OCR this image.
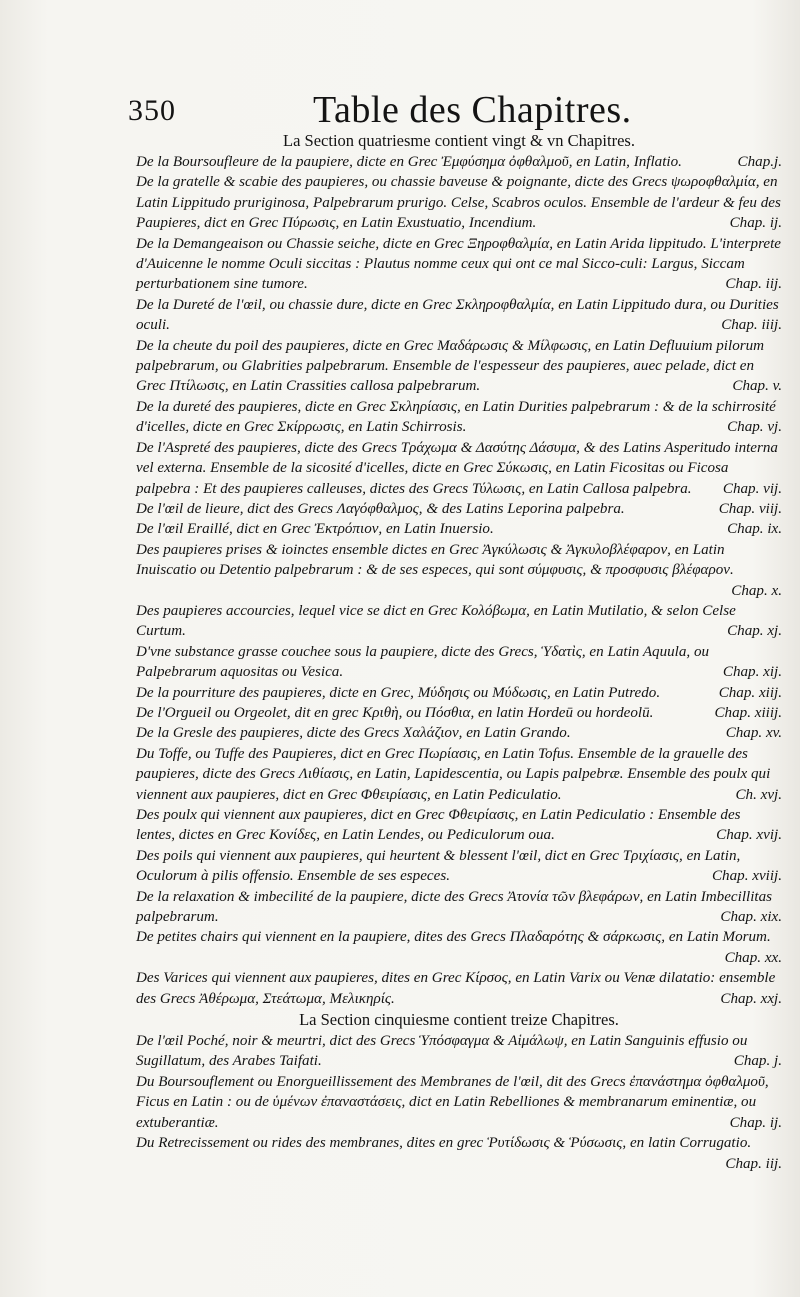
350	Table des Chapitres.

La Section quatriesme contient vingt & vn Chapitres.

De la Boursoufleure de la paupiere, dicte en Grec Ἐμφύσημα ὀφθαλμοῦ, en Latin, Inflatio.	Chap.j.

De la gratelle & scabie des paupieres, ou chassie baveuse & poignante, dicte des Grecs ψωροφθαλμία, en Latin Lippitudo pruriginosa, Palpebrarum prurigo. Celse, Scabros oculos. Ensemble de l'ardeur & feu des Paupieres, dict en Grec Πύρωσις, en Latin Exustuatio, Incendium.	Chap. ij.

De la Demangeaison ou Chassie seiche, dicte en Grec Ξηροφθαλμία, en Latin Arida lippitudo. L'interprete d'Auicenne le nomme Oculi siccitas : Plautus nomme ceux qui ont ce mal Sicco-culi: Largus, Siccam perturbationem sine tumore.	Chap. iij.

De la Dureté de l'œil, ou chassie dure, dicte en Grec Σκληροφθαλμία, en Latin Lippitudo dura, ou Durities oculi.	Chap. iiij.

De la cheute du poil des paupieres, dicte en Grec Μαδάρωσις & Μίλφωσις, en Latin Defluuium pilorum palpebrarum, ou Glabrities palpebrarum. Ensemble de l'espesseur des paupieres, auec pelade, dict en Grec Πτίλωσις, en Latin Crassities callosa palpebrarum.	Chap. v.

De la dureté des paupieres, dicte en Grec Σκληρίασις, en Latin Durities palpebrarum : & de la schirrosité d'icelles, dicte en Grec Σκίρρωσις, en Latin Schirrosis.	Chap. vj.

De l'Aspreté des paupieres, dicte des Grecs Τράχωμα & Δασύτης Δάσυμα, & des Latins Asperitudo interna vel externa. Ensemble de la sicosité d'icelles, dicte en Grec Σύκωσις, en Latin Ficositas ou Ficosa palpebra : Et des paupieres calleuses, dictes des Grecs Τύλωσις, en Latin Callosa palpebra.	Chap. vij.

De l'œil de lieure, dict des Grecs Λαγόφθαλμος, & des Latins Leporina palpebra.	Chap. viij.

De l'œil Eraillé, dict en Grec Ἐκτρόπιον, en Latin Inuersio.	Chap. ix.

Des paupieres prises & ioinctes ensemble dictes en Grec Ἀγκύλωσις & Ἀγκυλοβλέφαρον, en Latin Inuiscatio ou Detentio palpebrarum : & de ses especes, qui sont σύμφυσις, & προσφυσις βλέφαρον.
Chap. x.

Des paupieres accourcies, lequel vice se dict en Grec Κολόβωμα, en Latin Mutilatio, & selon Celse Curtum.	Chap. xj.

D'vne substance grasse couchee sous la paupiere, dicte des Grecs, Ὑδατὶς, en Latin Aquula, ou Palpebrarum aquositas ou Vesica.	Chap. xij.

De la pourriture des paupieres, dicte en Grec, Μύδησις ou Μύδωσις, en Latin Putredo.	Chap. xiij.

De l'Orgueil ou Orgeolet, dit en grec Κριθὴ, ou Πόσθια, en latin Hordeū ou hordeolū.	Chap. xiiij.

De la Gresle des paupieres, dicte des Grecs Χαλάζιον, en Latin Grando.	Chap. xv.

Du Toffe, ou Tuffe des Paupieres, dict en Grec Πωρίασις, en Latin Tofus. Ensemble de la grauelle des paupieres, dicte des Grecs Λιθίασις, en Latin, Lapidescentia, ou Lapis palpebræ. Ensemble des poulx qui viennent aux paupieres, dict en Grec Φθειρίασις, en Latin Pediculatio.	Ch. xvj.

Des poulx qui viennent aux paupieres, dict en Grec Φθειρίασις, en Latin Pediculatio : Ensemble des lentes, dictes en Grec Κονίδες, en Latin Lendes, ou Pediculorum oua.	Chap. xvij.

Des poils qui viennent aux paupieres, qui heurtent & blessent l'œil, dict en Grec Τριχίασις, en Latin, Oculorum à pilis offensio. Ensemble de ses especes.	Chap. xviij.

De la relaxation & imbecilité de la paupiere, dicte des Grecs Ἀτονία τῶν βλεφάρων, en Latin Imbecillitas palpebrarum.	Chap. xix.

De petites chairs qui viennent en la paupiere, dites des Grecs Πλαδαρότης & σάρκωσις, en Latin Morum.
Chap. xx.

Des Varices qui viennent aux paupieres, dites en Grec Κίρσος, en Latin Varix ou Venæ dilatatio: ensemble des Grecs Ἀθέρωμα, Στεάτωμα, Μελικηρίς.	Chap. xxj.

La Section cinquiesme contient treize Chapitres.

De l'œil Poché, noir & meurtri, dict des Grecs Ὑπόσφαγμα & Αἱμάλωψ, en Latin Sanguinis effusio ou Sugillatum, des Arabes Taifati.	Chap. j.

Du Boursouflement ou Enorgueillissement des Membranes de l'œil, dit des Grecs ἐπανάστημα ὀφθαλμοῦ, Ficus en Latin : ou de ὑμένων ἐπαναστάσεις, dict en Latin Rebelliones & membranarum eminentiæ, ou extuberantiæ.	Chap. ij.

Du Retrecissement ou rides des membranes, dites en grec Ῥυτίδωσις & Ῥύσωσις, en latin Corrugatio.
Chap. iij.
